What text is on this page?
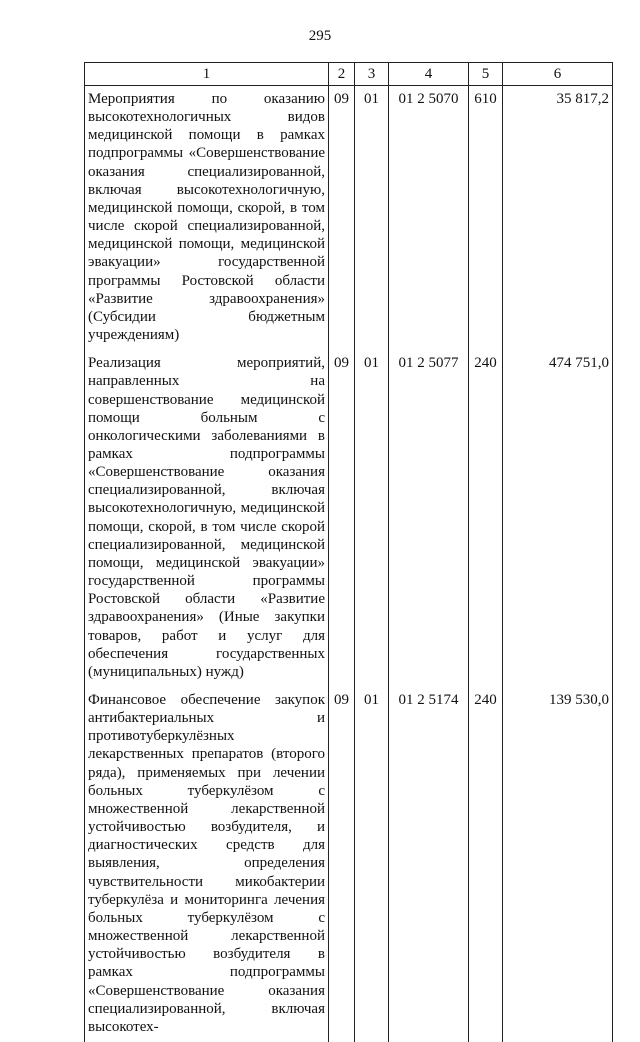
295
1	2	3	4	5	6
Мероприятия по оказанию высокотехнологичных видов медицинской помощи в рамках подпрограммы «Совершенствование оказания специализированной, включая высокотехнологичную, медицинской помощи, скорой, в том числе скорой специализированной, медицинской помощи, медицинской эвакуации» государственной программы Ростовской области «Развитие здравоохранения» (Субсидии бюджетным учреждениям)	09	01	01 2 5070	610	35 817,2
Реализация мероприятий, направленных на совершенствование медицинской помощи больным с онкологическими заболеваниями в рамках подпрограммы «Совершенствование оказания специализированной, включая высокотехнологичную, медицинской помощи, скорой, в том числе скорой специализированной, медицинской помощи, медицинской эвакуации» государственной программы Ростовской области «Развитие здравоохранения» (Иные закупки товаров, работ и услуг для обеспечения государственных (муниципальных) нужд)	09	01	01 2 5077	240	474 751,0
Финансовое обеспечение закупок антибактериальных и противотуберкулёзных лекарственных препаратов (второго ряда), применяемых при лечении больных туберкулёзом с множественной лекарственной устойчивостью возбудителя, и диагностических средств для выявления, определения чувствительности микобактерии туберкулёза и мониторинга лечения больных туберкулёзом с множественной лекарственной устойчивостью возбудителя в рамках подпрограммы «Совершенствование оказания специализированной, включая высокотех-	09	01	01 2 5174	240	139 530,0
